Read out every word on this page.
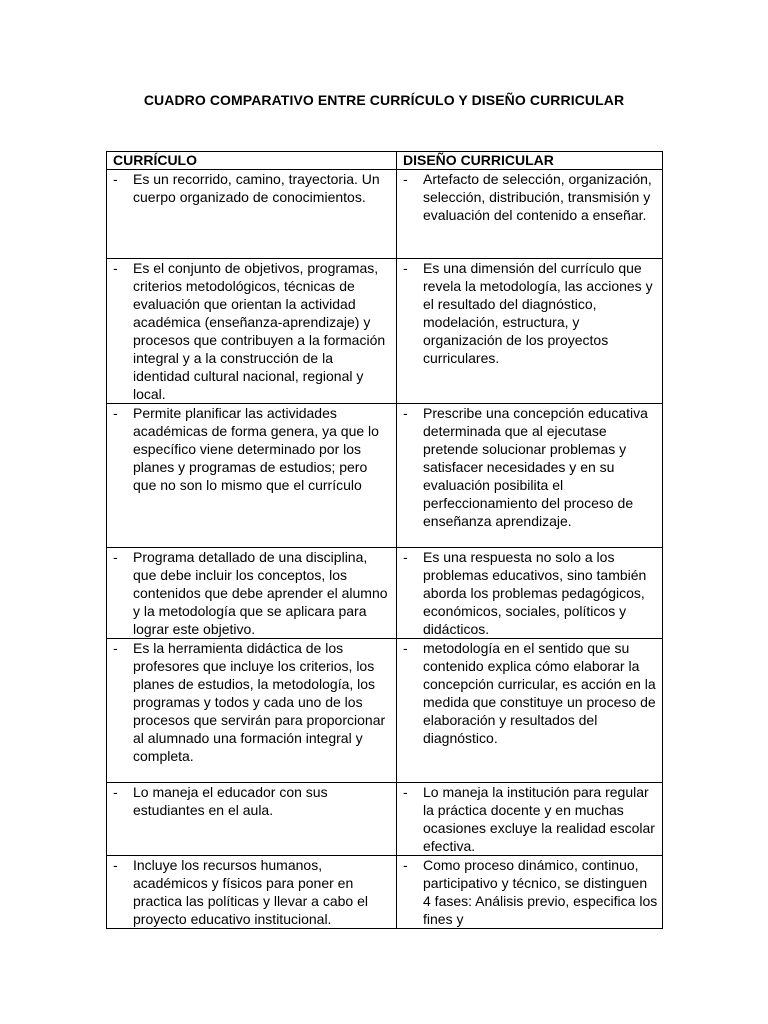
CUADRO COMPARATIVO ENTRE CURRÍCULO Y DISEÑO CURRICULAR
CURRÍCULO	DISEÑO CURRICULAR

- Es un recorrido, camino, trayectoria. Un cuerpo organizado de conocimientos.	- Artefacto de selección, organización, selección, distribución, transmisión y evaluación del contenido a enseñar.

- Es el conjunto de objetivos, programas, criterios metodológicos, técnicas de evaluación que orientan la actividad académica (enseñanza-aprendizaje) y procesos que contribuyen a la formación integral y a la construcción de la identidad cultural nacional, regional y local.	- Es una dimensión del currículo que revela la metodología, las acciones y el resultado del diagnóstico, modelación, estructura, y organización de los proyectos curriculares.

- Permite planificar las actividades académicas de forma genera, ya que lo específico viene determinado por los planes y programas de estudios; pero que no son lo mismo que el currículo	- Prescribe una concepción educativa determinada que al ejecutase pretende solucionar problemas y satisfacer necesidades y en su evaluación posibilita el perfeccionamiento del proceso de enseñanza aprendizaje.

- Programa detallado de una disciplina, que debe incluir los conceptos, los contenidos que debe aprender el alumno y la metodología que se aplicara para lograr este objetivo.	- Es una respuesta no solo a los problemas educativos, sino también aborda los problemas pedagógicos, económicos, sociales, políticos y didácticos.

- Es la herramienta didáctica de los profesores que incluye los criterios, los planes de estudios, la metodología, los programas y todos y cada uno de los procesos que servirán para proporcionar al alumnado una formación integral y completa.	- metodología en el sentido que su contenido explica cómo elaborar la concepción curricular, es acción en la medida que constituye un proceso de elaboración y resultados del diagnóstico.

- Lo maneja el educador con sus estudiantes en el aula.	- Lo maneja la institución para regular la práctica docente y en muchas ocasiones excluye la realidad escolar efectiva.

- Incluye los recursos humanos, académicos y físicos para poner en practica las políticas y llevar a cabo el proyecto educativo institucional.	- Como proceso dinámico, continuo, participativo y técnico, se distinguen 4 fases: Análisis previo, especifica los fines y
